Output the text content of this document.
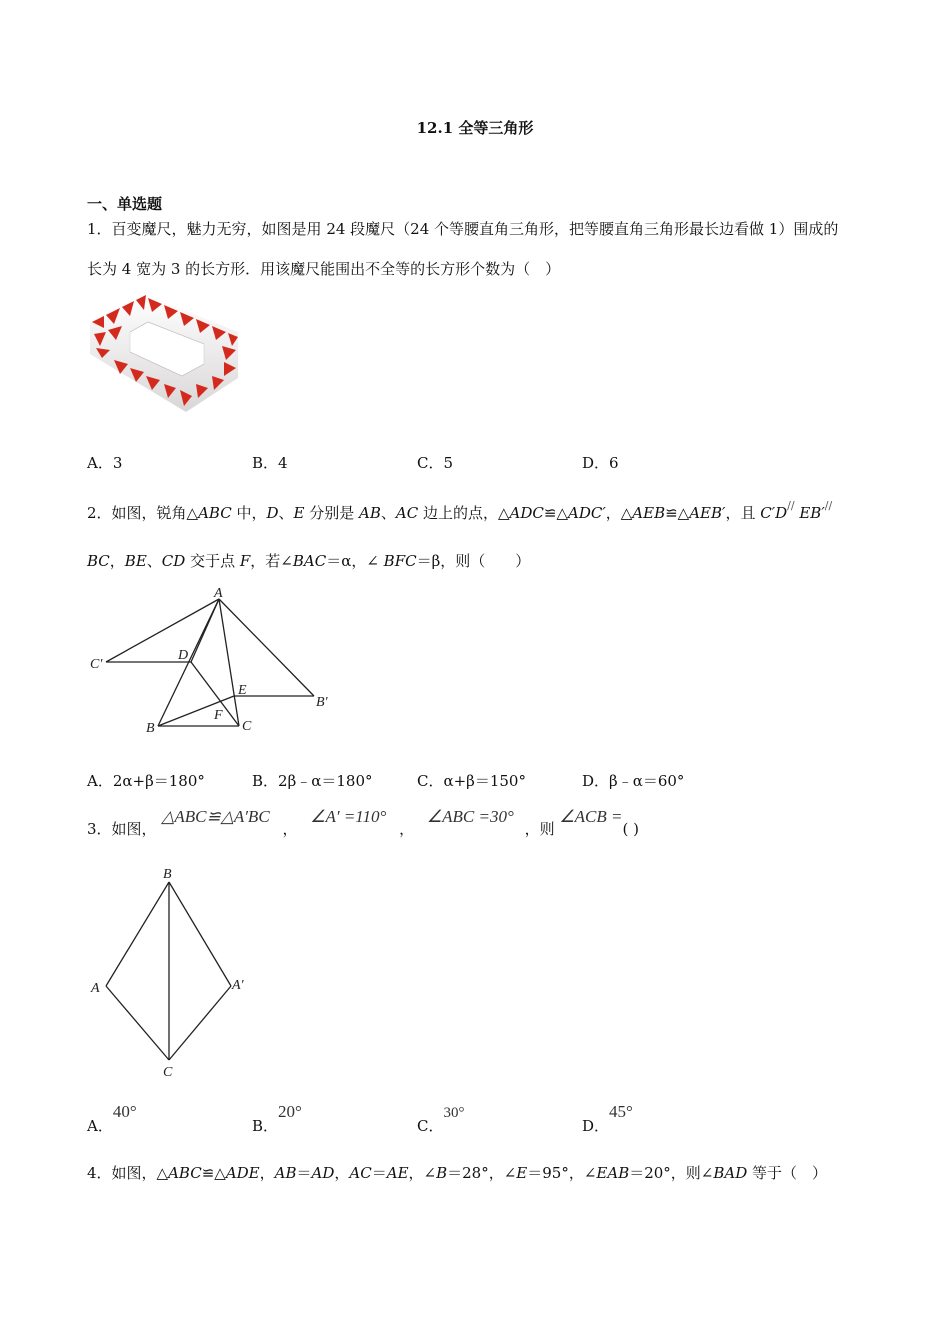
12.1 全等三角形
一、单选题
1．百变魔尺，魅力无穷，如图是用 24 段魔尺（24 个等腰直角三角形，把等腰直角三角形最长边看做 1）围成的
长为 4 宽为 3 的长方形．用该魔尺能围出不全等的长方形个数为（　）
A．3	B．4	C．5	D．6
2．如图，锐角△ABC 中，D、E 分别是 AB、AC 边上的点，△ADC≌△ADC′，△AEB≌△AEB′，且 C′D// EB′//
BC，BE、CD 交于点 F，若∠BAC＝α，∠ BFC＝β，则（　　）
A
C′
D
E
B′
F
B	C
A．2α+β＝180°	B．2β﹣α＝180°	C．α+β＝150°	D．β﹣α＝60°
3．如图， △ABC≌△A′BC ， ∠A′ =110° ， ∠ABC =30° ，则 ∠ACB =( )
B
A	A′
C
A．40°
B．20°
C．30°
D．45°
4．如图，△ABC≌△ADE，AB＝AD，AC＝AE，∠B＝28°，∠E＝95°，∠EAB＝20°，则∠BAD 等于（　）
